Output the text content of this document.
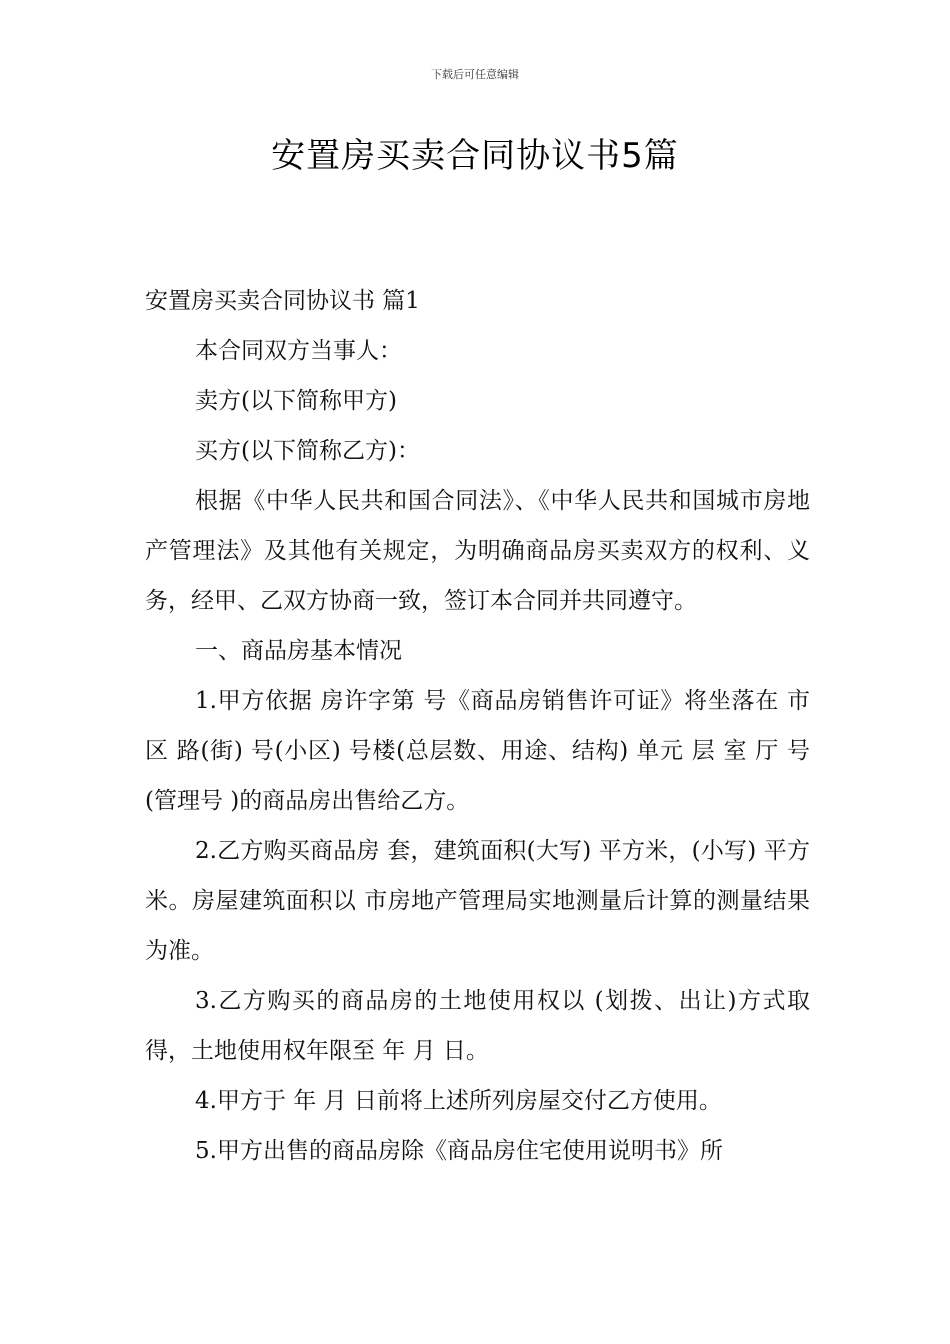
下载后可任意编辑
安置房买卖合同协议书5篇

安置房买卖合同协议书 篇1

本合同双方当事人：

卖方(以下简称甲方)

买方(以下简称乙方)：

根据《中华人民共和国合同法》、《中华人民共和国城市房地产管理法》及其他有关规定，为明确商品房买卖双方的权利、义务，经甲、乙双方协商一致，签订本合同并共同遵守。

一、商品房基本情况

1.甲方依据 房许字第 号《商品房销售许可证》将坐落在 市 区 路(街) 号(小区) 号楼(总层数、用途、结构) 单元 层 室 厅 号(管理号 )的商品房出售给乙方。

2.乙方购买商品房 套，建筑面积(大写) 平方米，(小写) 平方米。房屋建筑面积以 市房地产管理局实地测量后计算的测量结果为准。

3.乙方购买的商品房的土地使用权以 (划拨、出让)方式取得，土地使用权年限至 年 月 日。

4.甲方于 年 月 日前将上述所列房屋交付乙方使用。

5.甲方出售的商品房除《商品房住宅使用说明书》所
